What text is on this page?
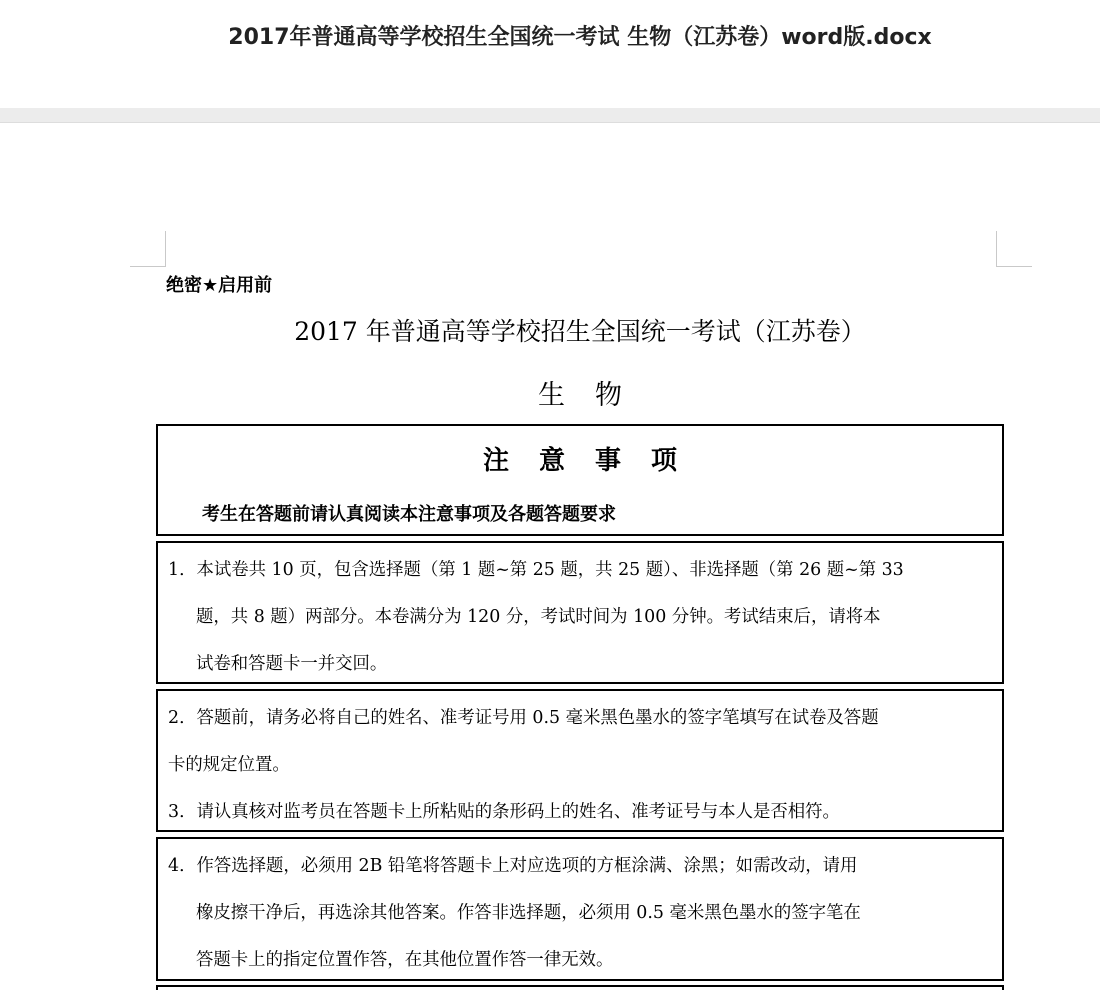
2017年普通高等学校招生全国统一考试 生物（江苏卷）word版.docx
绝密★启用前
2017 年普通高等学校招生全国统一考试（江苏卷）
生物
注意事项
考生在答题前请认真阅读本注意事项及各题答题要求
1．本试卷共 10 页，包含选择题（第 1 题~第 25 题，共 25 题）、非选择题（第 26 题~第 33
题，共 8 题）两部分。本卷满分为 120 分，考试时间为 100 分钟。考试结束后，请将本
试卷和答题卡一并交回。
2．答题前，请务必将自己的姓名、准考证号用 0.5 毫米黑色墨水的签字笔填写在试卷及答题
卡的规定位置。
3．请认真核对监考员在答题卡上所粘贴的条形码上的姓名、准考证号与本人是否相符。
4．作答选择题，必须用 2B 铅笔将答题卡上对应选项的方框涂满、涂黑；如需改动，请用
橡皮擦干净后，再选涂其他答案。作答非选择题，必须用 0.5 毫米黑色墨水的签字笔在
答题卡上的指定位置作答，在其他位置作答一律无效。
